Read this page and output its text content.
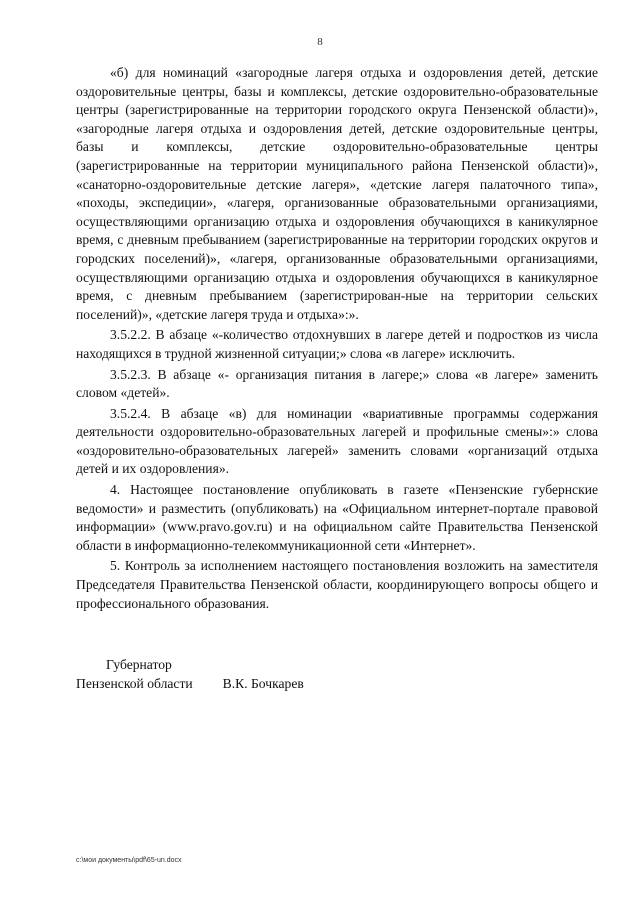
8

«б) для номинаций «загородные лагеря отдыха и оздоровления детей, детские оздоровительные центры, базы и комплексы, детские оздоровительно-образовательные центры (зарегистрированные на территории городского округа Пензенской области)», «загородные лагеря отдыха и оздоровления детей, детские оздоровительные центры, базы и комплексы, детские оздоровительно-образовательные центры (зарегистрированные на территории муниципального района Пензенской области)», «санаторно-оздоровительные детские лагеря», «детские лагеря палаточного типа», «походы, экспедиции», «лагеря, организованные образовательными организациями, осуществляющими организацию отдыха и оздоровления обучающихся в каникулярное время, с дневным пребыванием (зарегистрированные на территории городских округов и городских поселений)», «лагеря, организованные образовательными организациями, осуществляющими организацию отдыха и оздоровления обучающихся в каникулярное время, с дневным пребыванием (зарегистрирован-ные на территории сельских поселений)», «детские лагеря труда и отдыха»:».

3.5.2.2. В абзаце «-количество отдохнувших в лагере детей и подростков из числа находящихся в трудной жизненной ситуации;» слова «в лагере» исключить.

3.5.2.3. В абзаце «- организация питания в лагере;» слова «в лагере» заменить словом «детей».

3.5.2.4. В абзаце «в) для номинации «вариативные программы содержания деятельности оздоровительно-образовательных лагерей и профильные смены»:» слова «оздоровительно-образовательных лагерей» заменить словами «организаций отдыха детей и их оздоровления».

4. Настоящее постановление опубликовать в газете «Пензенские губернские ведомости» и разместить (опубликовать) на «Официальном интернет-портале правовой информации» (www.pravo.gov.ru) и на официальном сайте Правительства Пензенской области в информационно-телекоммуникационной сети «Интернет».

5. Контроль за исполнением настоящего постановления возложить на заместителя Председателя Правительства Пензенской области, координирующего вопросы общего и профессионального образования.

Губернатор
Пензенской области В.К. Бочкарев
c:\мои документы\pdf\65-un.docx
